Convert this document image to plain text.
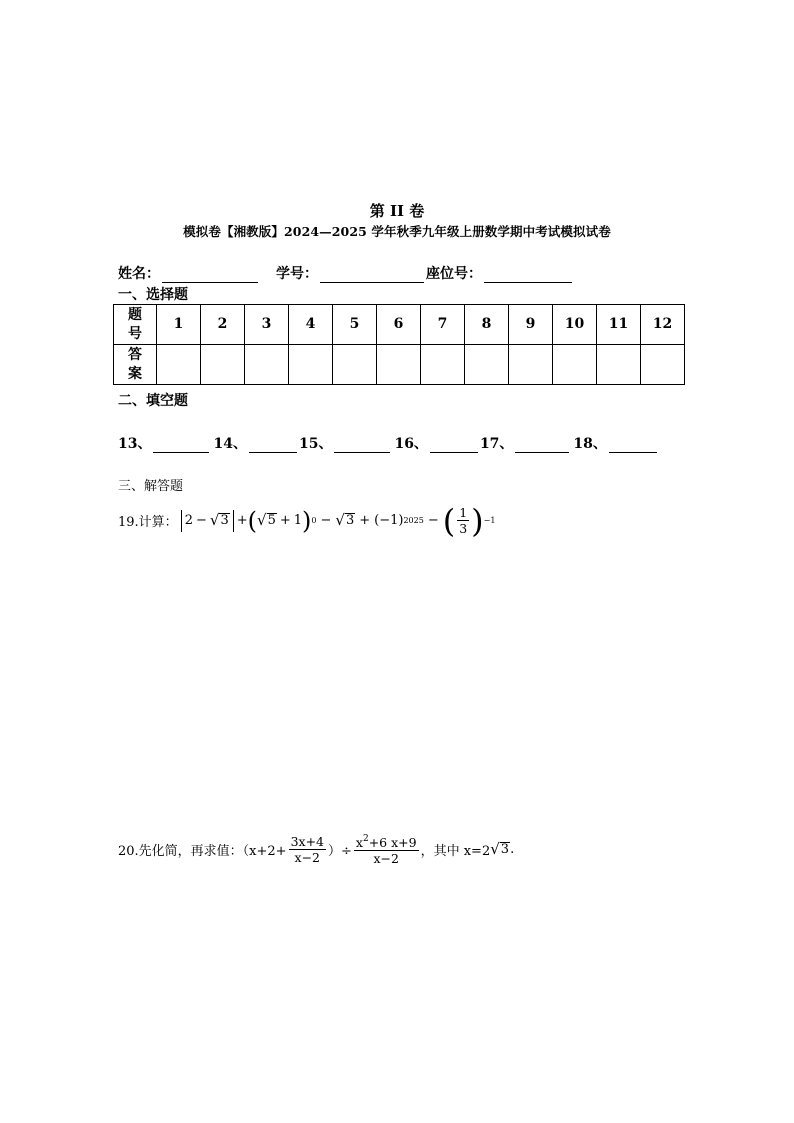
第 II 卷
模拟卷【湘教版】2024—2025 学年秋季九年级上册数学期中考试模拟试卷
姓名：	学号：	座位号：
一、选择题
题
号	1	2	3	4	5	6	7	8	9	10	11	12
答
案												
二、填空题
13、	14、	15、	16、	17、	18、
三、解答题
19.计算： 2 − √ 3 + ( √ 5 + 1 ) 0 − √ 3 + (−1) 2025 − ( $\frac{1}{3}$ ) −1
20.先化简，再求值：（$x+2+ \frac{3x+4}{x-2}$ ）÷ $\frac{x^2+6 x+9}{x-2}$ ，其中 x=2 √ 3 .
